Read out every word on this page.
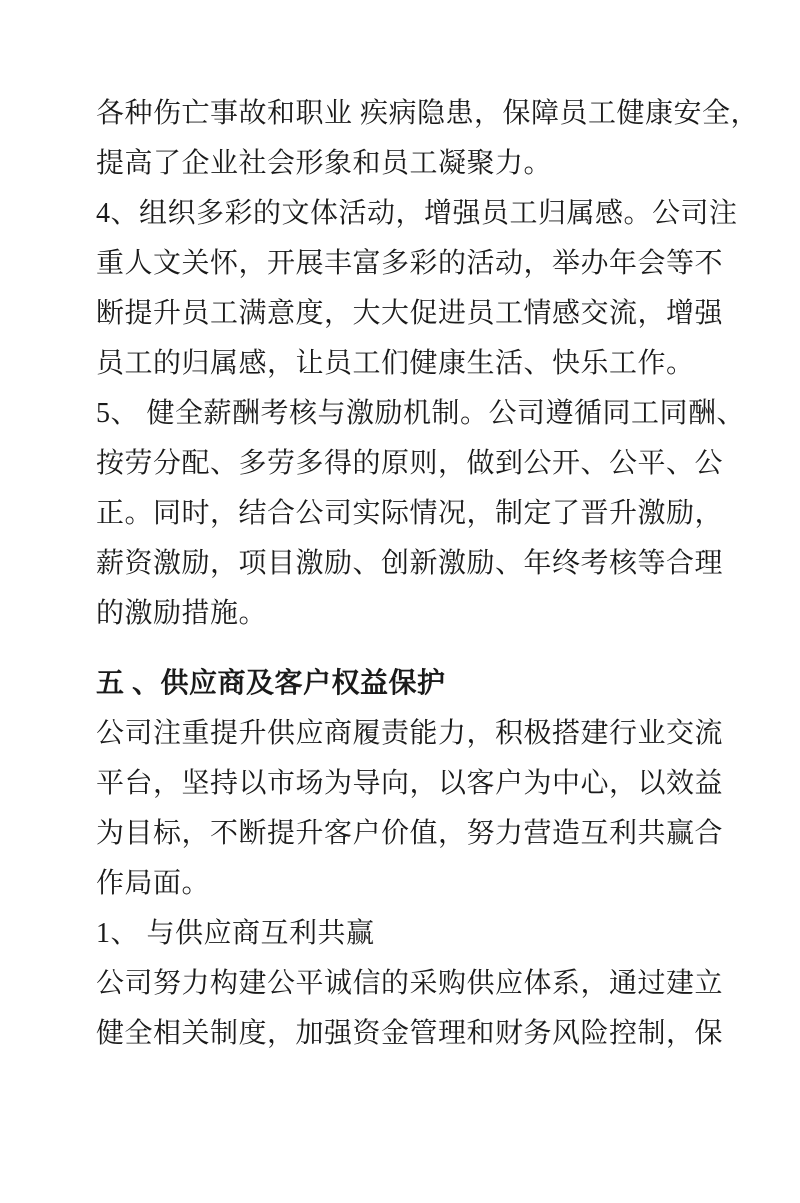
各种伤亡事故和职业 疾病隐患，保障员工健康安全，
提高了企业社会形象和员工凝聚力。
4、组织多彩的文体活动，增强员工归属感。公司注
重人文关怀，开展丰富多彩的活动，举办年会等不
断提升员工满意度，大大促进员工情感交流，增强
员工的归属感，让员工们健康生活、快乐工作。
5、 健全薪酬考核与激励机制。公司遵循同工同酬、
按劳分配、多劳多得的原则，做到公开、公平、公
正。同时，结合公司实际情况，制定了晋升激励，
薪资激励，项目激励、创新激励、年终考核等合理
的激励措施。
五 、供应商及客户权益保护
公司注重提升供应商履责能力，积极搭建行业交流
平台，坚持以市场为导向，以客户为中心，以效益
为目标，不断提升客户价值，努力营造互利共赢合
作局面。
1、 与供应商互利共赢
公司努力构建公平诚信的采购供应体系，通过建立
健全相关制度，加强资金管理和财务风险控制，保
